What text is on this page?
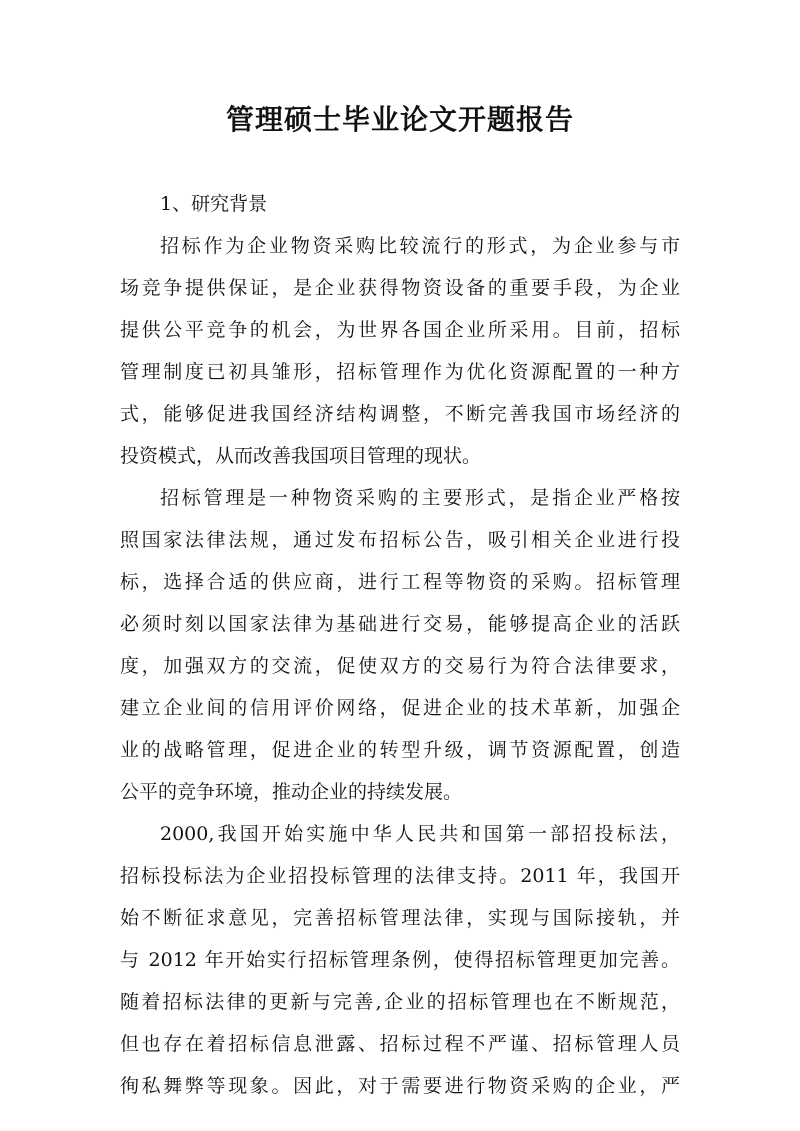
管理硕士毕业论文开题报告

1、研究背景

招标作为企业物资采购比较流行的形式，为企业参与市
场竞争提供保证，是企业获得物资设备的重要手段，为企业
提供公平竞争的机会，为世界各国企业所采用。目前，招标
管理制度已初具雏形，招标管理作为优化资源配置的一种方
式，能够促进我国经济结构调整，不断完善我国市场经济的
投资模式，从而改善我国项目管理的现状。

招标管理是一种物资采购的主要形式，是指企业严格按
照国家法律法规，通过发布招标公告，吸引相关企业进行投
标，选择合适的供应商，进行工程等物资的采购。招标管理
必须时刻以国家法律为基础进行交易，能够提高企业的活跃
度，加强双方的交流，促使双方的交易行为符合法律要求，
建立企业间的信用评价网络，促进企业的技术革新，加强企
业的战略管理，促进企业的转型升级，调节资源配置，创造
公平的竞争环境，推动企业的持续发展。

2000,我国开始实施中华人民共和国第一部招投标法，
招标投标法为企业招投标管理的法律支持。2011 年，我国开
始不断征求意见，完善招标管理法律，实现与国际接轨，并
与 2012 年开始实行招标管理条例，使得招标管理更加完善。
随着招标法律的更新与完善,企业的招标管理也在不断规范，
但也存在着招标信息泄露、招标过程不严谨、招标管理人员
徇私舞弊等现象。因此，对于需要进行物资采购的企业，严
